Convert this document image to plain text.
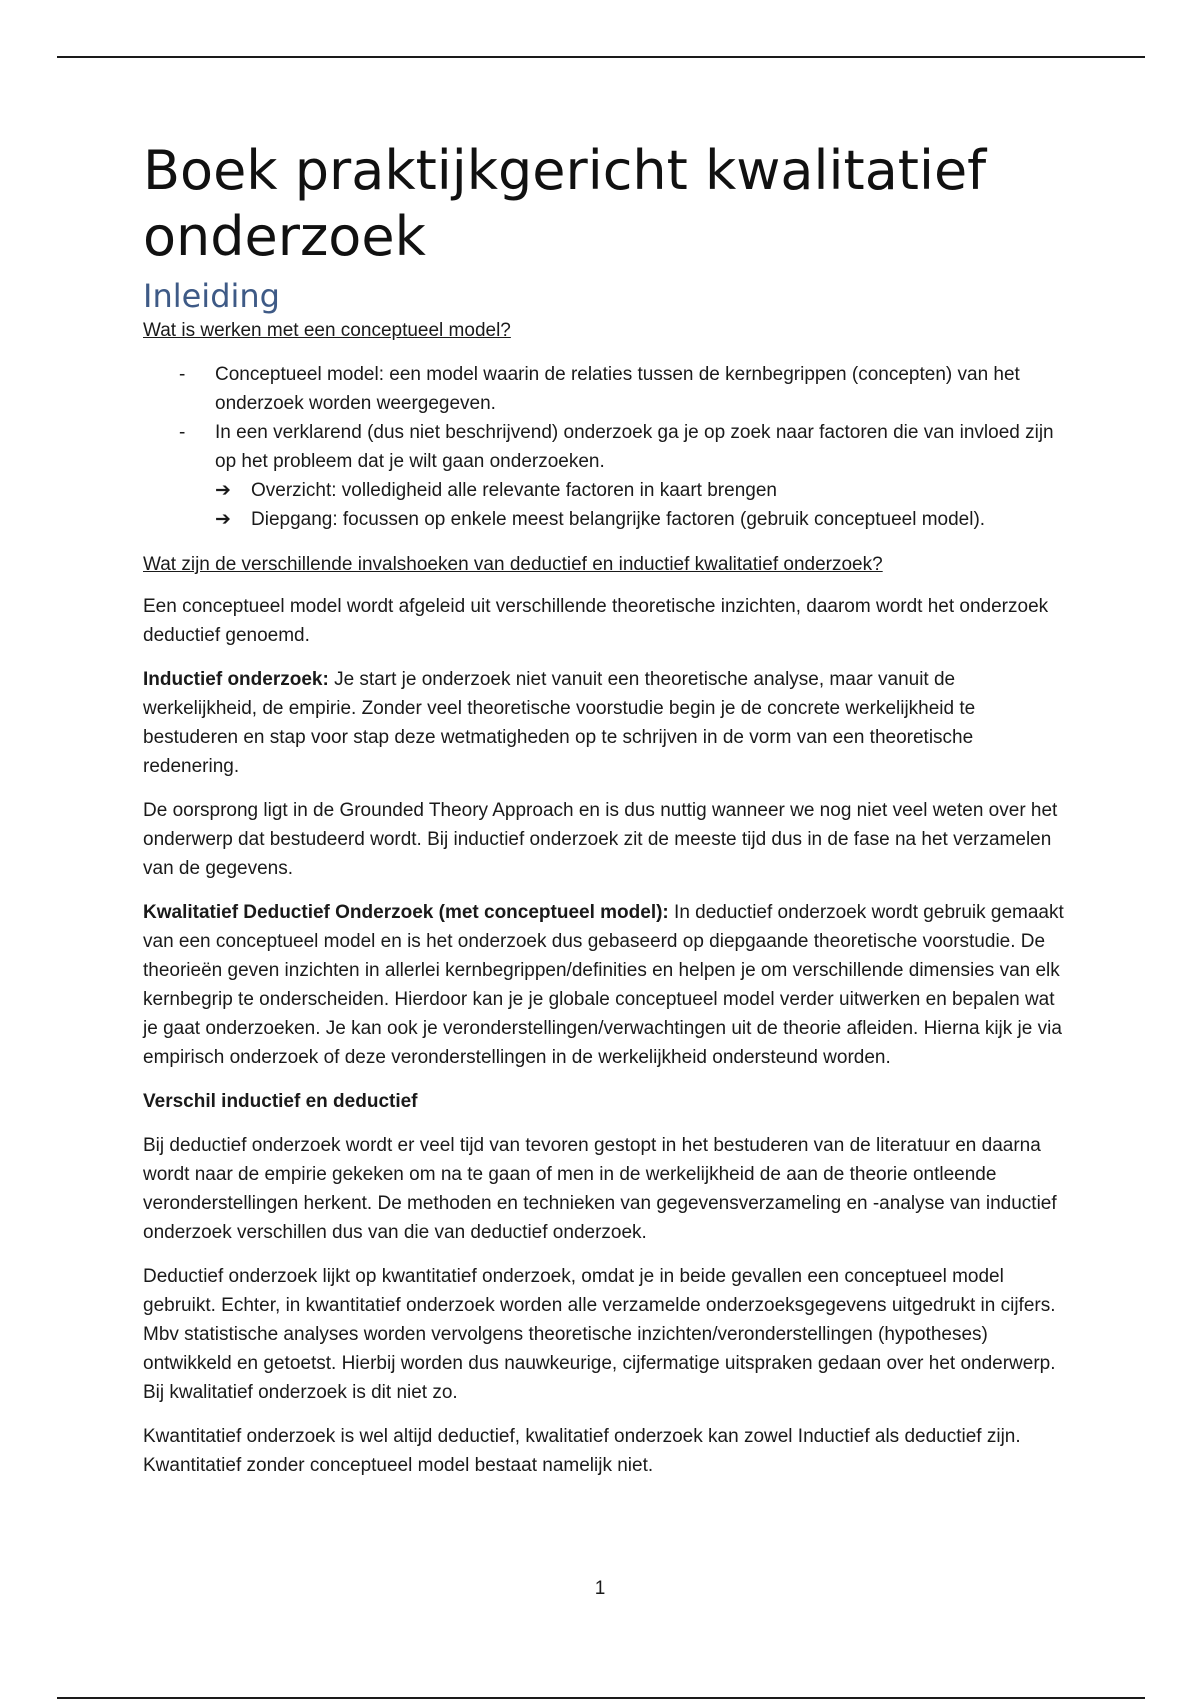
Boek praktijkgericht kwalitatief onderzoek
Inleiding
Wat is werken met een conceptueel model?
- Conceptueel model: een model waarin de relaties tussen de kernbegrippen (concepten) van het onderzoek worden weergegeven.
- In een verklarend (dus niet beschrijvend) onderzoek ga je op zoek naar factoren die van invloed zijn op het probleem dat je wilt gaan onderzoeken.
➔ Overzicht: volledigheid alle relevante factoren in kaart brengen
➔ Diepgang: focussen op enkele meest belangrijke factoren (gebruik conceptueel model).
Wat zijn de verschillende invalshoeken van deductief en inductief kwalitatief onderzoek?

Een conceptueel model wordt afgeleid uit verschillende theoretische inzichten, daarom wordt het onderzoek deductief genoemd.

Inductief onderzoek: Je start je onderzoek niet vanuit een theoretische analyse, maar vanuit de werkelijkheid, de empirie. Zonder veel theoretische voorstudie begin je de concrete werkelijkheid te bestuderen en stap voor stap deze wetmatigheden op te schrijven in de vorm van een theoretische redenering.

De oorsprong ligt in de Grounded Theory Approach en is dus nuttig wanneer we nog niet veel weten over het onderwerp dat bestudeerd wordt. Bij inductief onderzoek zit de meeste tijd dus in de fase na het verzamelen van de gegevens.

Kwalitatief Deductief Onderzoek (met conceptueel model): In deductief onderzoek wordt gebruik gemaakt van een conceptueel model en is het onderzoek dus gebaseerd op diepgaande theoretische voorstudie. De theorieën geven inzichten in allerlei kernbegrippen/definities en helpen je om verschillende dimensies van elk kernbegrip te onderscheiden. Hierdoor kan je je globale conceptueel model verder uitwerken en bepalen wat je gaat onderzoeken. Je kan ook je veronderstellingen/verwachtingen uit de theorie afleiden. Hierna kijk je via empirisch onderzoek of deze veronderstellingen in de werkelijkheid ondersteund worden.

Verschil inductief en deductief

Bij deductief onderzoek wordt er veel tijd van tevoren gestopt in het bestuderen van de literatuur en daarna wordt naar de empirie gekeken om na te gaan of men in de werkelijkheid de aan de theorie ontleende veronderstellingen herkent. De methoden en technieken van gegevensverzameling en -analyse van inductief onderzoek verschillen dus van die van deductief onderzoek.

Deductief onderzoek lijkt op kwantitatief onderzoek, omdat je in beide gevallen een conceptueel model gebruikt. Echter, in kwantitatief onderzoek worden alle verzamelde onderzoeksgegevens uitgedrukt in cijfers. Mbv statistische analyses worden vervolgens theoretische inzichten/veronderstellingen (hypotheses) ontwikkeld en getoetst. Hierbij worden dus nauwkeurige, cijfermatige uitspraken gedaan over het onderwerp. Bij kwalitatief onderzoek is dit niet zo.

Kwantitatief onderzoek is wel altijd deductief, kwalitatief onderzoek kan zowel Inductief als deductief zijn. Kwantitatief zonder conceptueel model bestaat namelijk niet.

1
